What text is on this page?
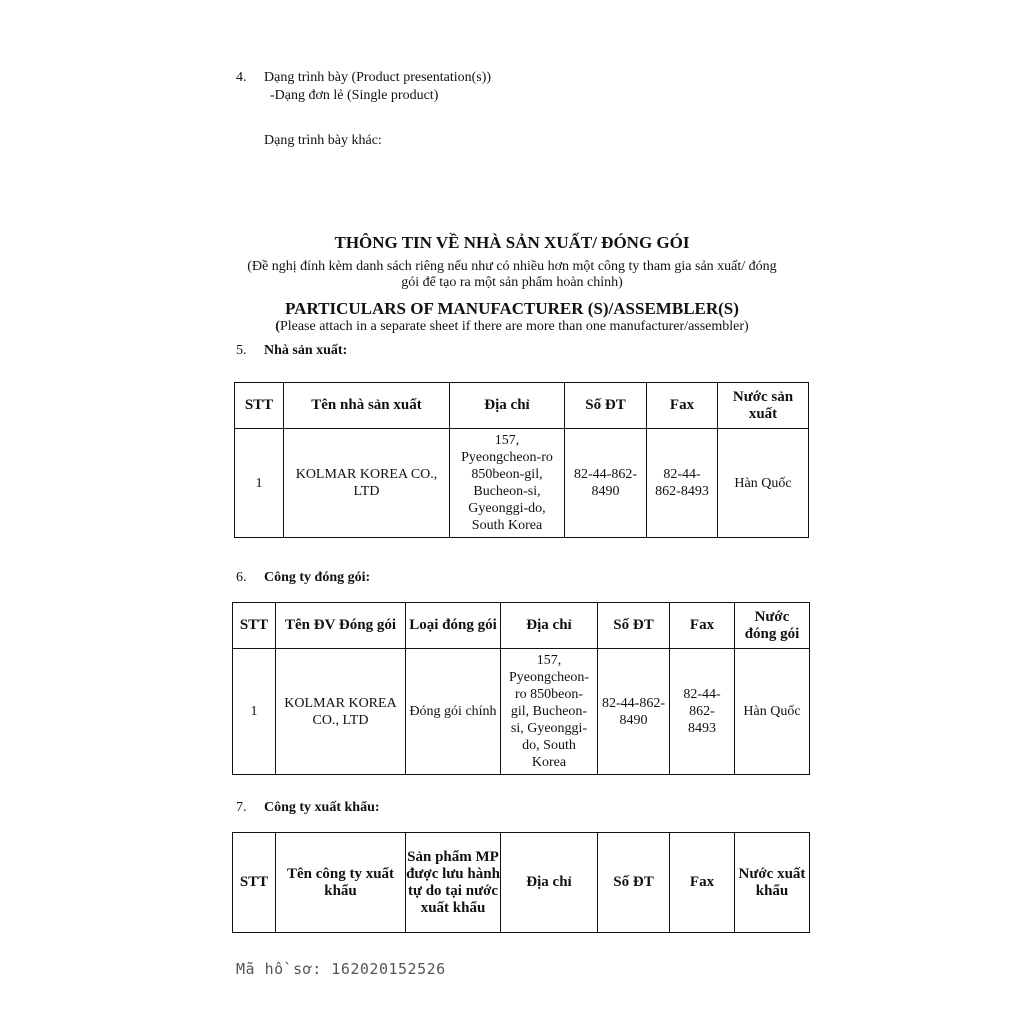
4. Dạng trình bày (Product presentation(s))
-Dạng đơn lẻ (Single product)
Dạng trình bày khác:
THÔNG TIN VỀ NHÀ SẢN XUẤT/ ĐÓNG GÓI
(Đề nghị đính kèm danh sách riêng nếu như có nhiều hơn một công ty tham gia sản xuất/ đóng
gói để tạo ra một sản phẩm hoàn chỉnh)
PARTICULARS OF MANUFACTURER (S)/ASSEMBLER(S)
(Please attach in a separate sheet if there are more than one manufacturer/assembler)
5. Nhà sản xuất:
STT	Tên nhà sản xuất	Địa chỉ	Số ĐT	Fax	Nước sản xuất
1	KOLMAR KOREA CO., LTD	157, Pyeongcheon-ro 850beon-gil, Bucheon-si, Gyeonggi-do, South Korea	82-44-862-8490	82-44-862-8493	Hàn Quốc
6. Công ty đóng gói:
STT	Tên ĐV Đóng gói	Loại đóng gói	Địa chỉ	Số ĐT	Fax	Nước đóng gói
1	KOLMAR KOREA CO., LTD	Đóng gói chính	157, Pyeongcheon-ro 850beon-gil, Bucheon-si, Gyeonggi-do, South Korea	82-44-862-8490	82-44-862-8493	Hàn Quốc
7. Công ty xuất khẩu:
STT	Tên công ty xuất khẩu	Sản phẩm MP được lưu hành tự do tại nước xuất khẩu	Địa chỉ	Số ĐT	Fax	Nước xuất khẩu
Mã hồ sơ: 162020152526
